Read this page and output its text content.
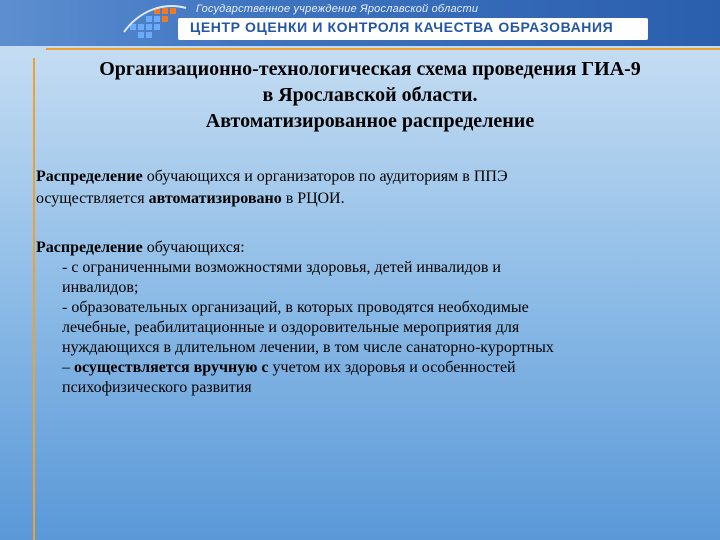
Государственное учреждение Ярославской области
ЦЕНТР ОЦЕНКИ И КОНТРОЛЯ КАЧЕСТВА ОБРАЗОВАНИЯ
Организационно-технологическая схема проведения ГИА-9
в Ярославской области.
Автоматизированное распределение
Распределение обучающихся и организаторов по аудиториям в ППЭ
осуществляется автоматизировано в РЦОИ.
Распределение обучающихся:
- с ограниченными возможностями здоровья, детей инвалидов и
инвалидов;
- образовательных организаций, в которых проводятся необходимые
лечебные, реабилитационные и оздоровительные мероприятия для
нуждающихся в длительном лечении, в том числе санаторно-курортных
– осуществляется вручную с учетом их здоровья и особенностей
психофизического развития
